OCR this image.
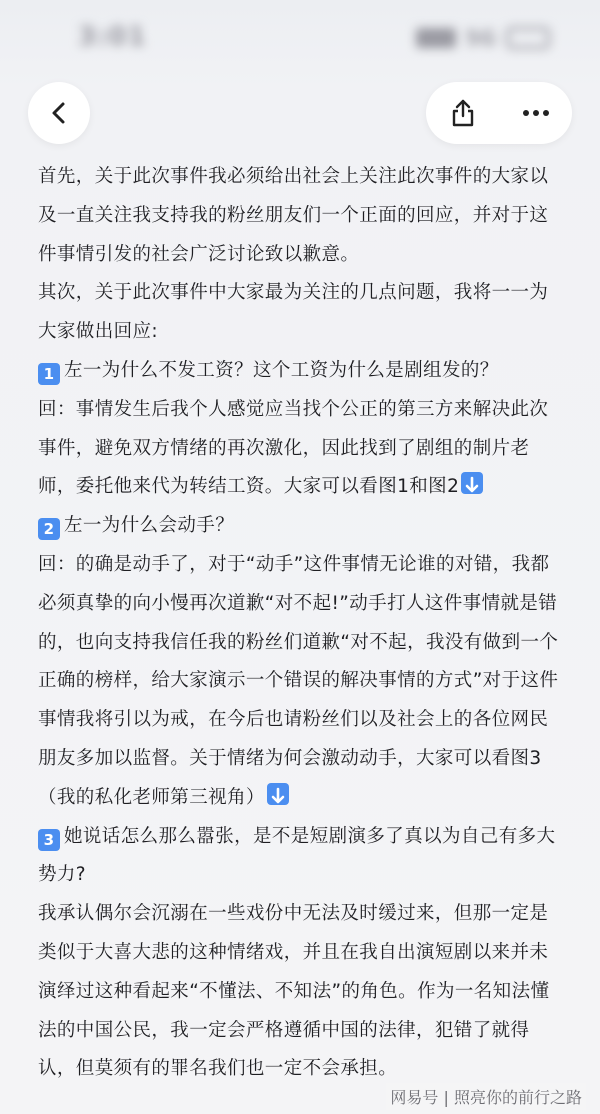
3:01	5G

首先，关于此次事件我必须给出社会上关注此次事件的大家以及一直关注我支持我的粉丝朋友们一个正面的回应，并对于这件事情引发的社会广泛讨论致以歉意。

其次，关于此次事件中大家最为关注的几点问题，我将一一为大家做出回应:

1 左一为什么不发工资？这个工资为什么是剧组发的？

回：事情发生后我个人感觉应当找个公正的第三方来解决此次事件，避免双方情绪的再次激化，因此找到了剧组的制片老师，委托他来代为转结工资。大家可以看图1和图2

2 左一为什么会动手？

回：的确是动手了，对于“动手”这件事情无论谁的对错，我都必须真挚的向小慢再次道歉“对不起!”动手打人这件事情就是错的，也向支持我信任我的粉丝们道歉“对不起，我没有做到一个正确的榜样，给大家演示一个错误的解决事情的方式”对于这件事情我将引以为戒，在今后也请粉丝们以及社会上的各位网民朋友多加以监督。关于情绪为何会激动动手，大家可以看图3（我的私化老师第三视角）

3 她说话怎么那么嚣张，是不是短剧演多了真以为自己有多大势力?

我承认偶尔会沉溺在一些戏份中无法及时缓过来，但那一定是类似于大喜大悲的这种情绪戏，并且在我自出演短剧以来并未演绎过这种看起来“不懂法、不知法”的角色。作为一名知法懂法的中国公民，我一定会严格遵循中国的法律，犯错了就得认，但莫须有的罪名我们也一定不会承担。

网易号 | 照亮你的前行之路
